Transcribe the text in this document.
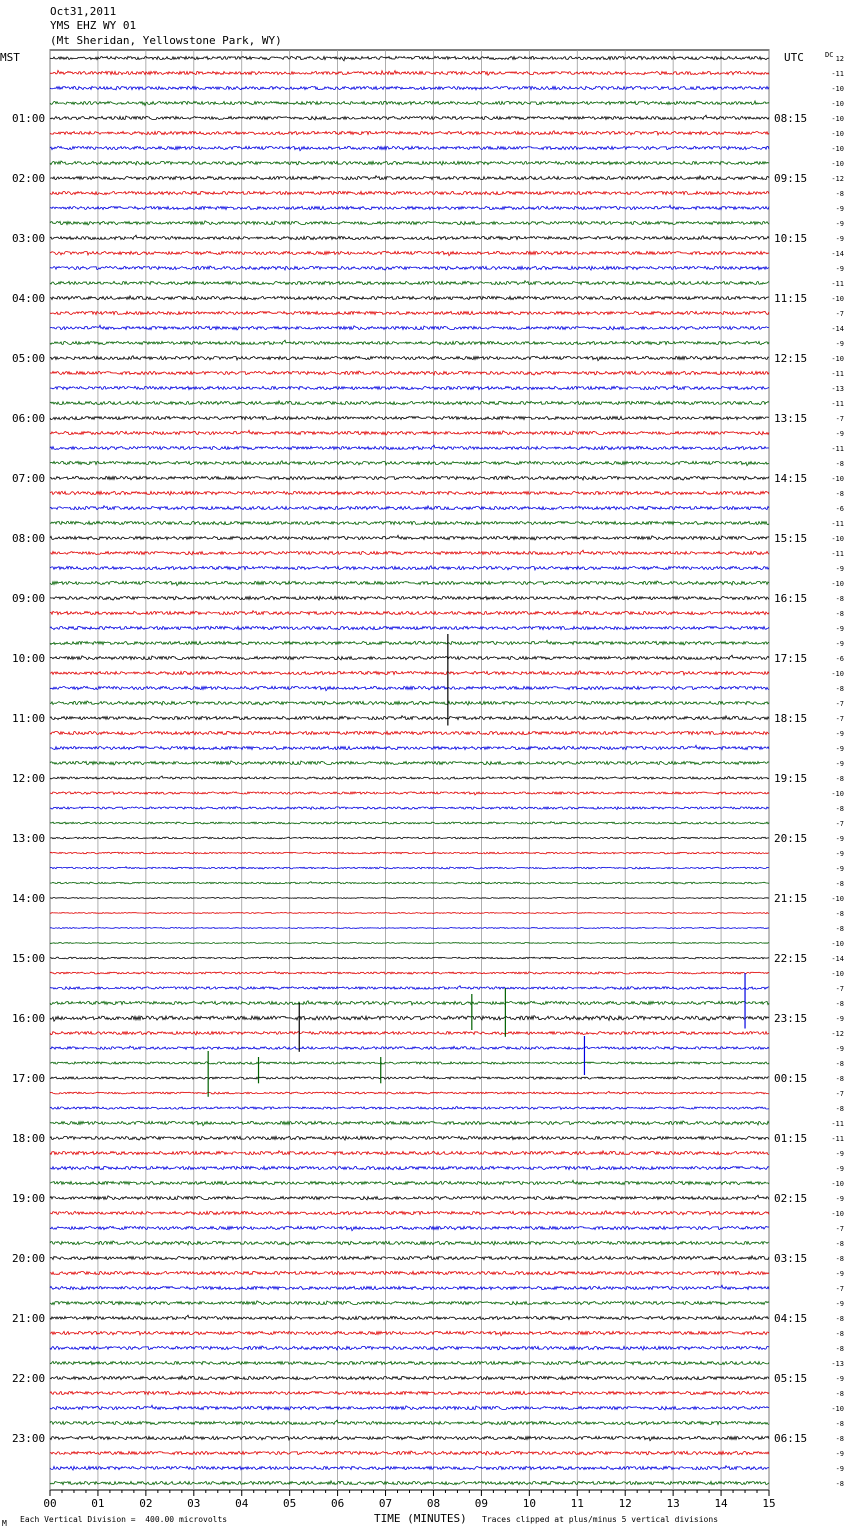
Oct31,2011
YMS EHZ WY 01
(Mt Sheridan, Yellowstone Park, WY)
00	01	02	03	04	05	06	07	08	09	10	11	12	13	14	15
12
-11
-10
-10
-10
01:00	08:15
-10
-10
-10
-12
02:00	09:15
-8
-9
-9
-9
03:00	10:15
-14
-9
-11
-10
04:00	11:15
-7
-14
-9
-10
05:00	12:15
-11
-13
-11
-7
06:00	13:15
-9
-11
-8
-10
07:00	14:15
-8
-6
-11
-10
08:00	15:15
-11
-9
-10
-8
09:00	16:15
-8
-9
-9
-6
10:00	17:15
-10
-8
-7
-7
11:00	18:15
-9
-9
-9
-8
12:00	19:15
-10
-8
-7
-9
13:00	20:15
-9
-9
-8
-10
14:00	21:15
-8
-8
-10
-14
15:00	22:15
-10
-7
-8
-9
16:00	23:15
-12
-9
-8
-8
17:00	00:15
-7
-8
-11
-11
18:00	01:15
-9
-9
-10
-9
19:00	02:15
-10
-7
-8
-8
20:00	03:15
-9
-7
-9
-8
21:00	04:15
-8
-8
-13
-9
22:00	05:15
-8
-10
-8
-8
23:00	06:15
-9
-9
-8
MST	UTC	DC
M Each Vertical Division =  400.00 microvolts	TIME (MINUTES) Traces clipped at plus/minus 5 vertical divisions
